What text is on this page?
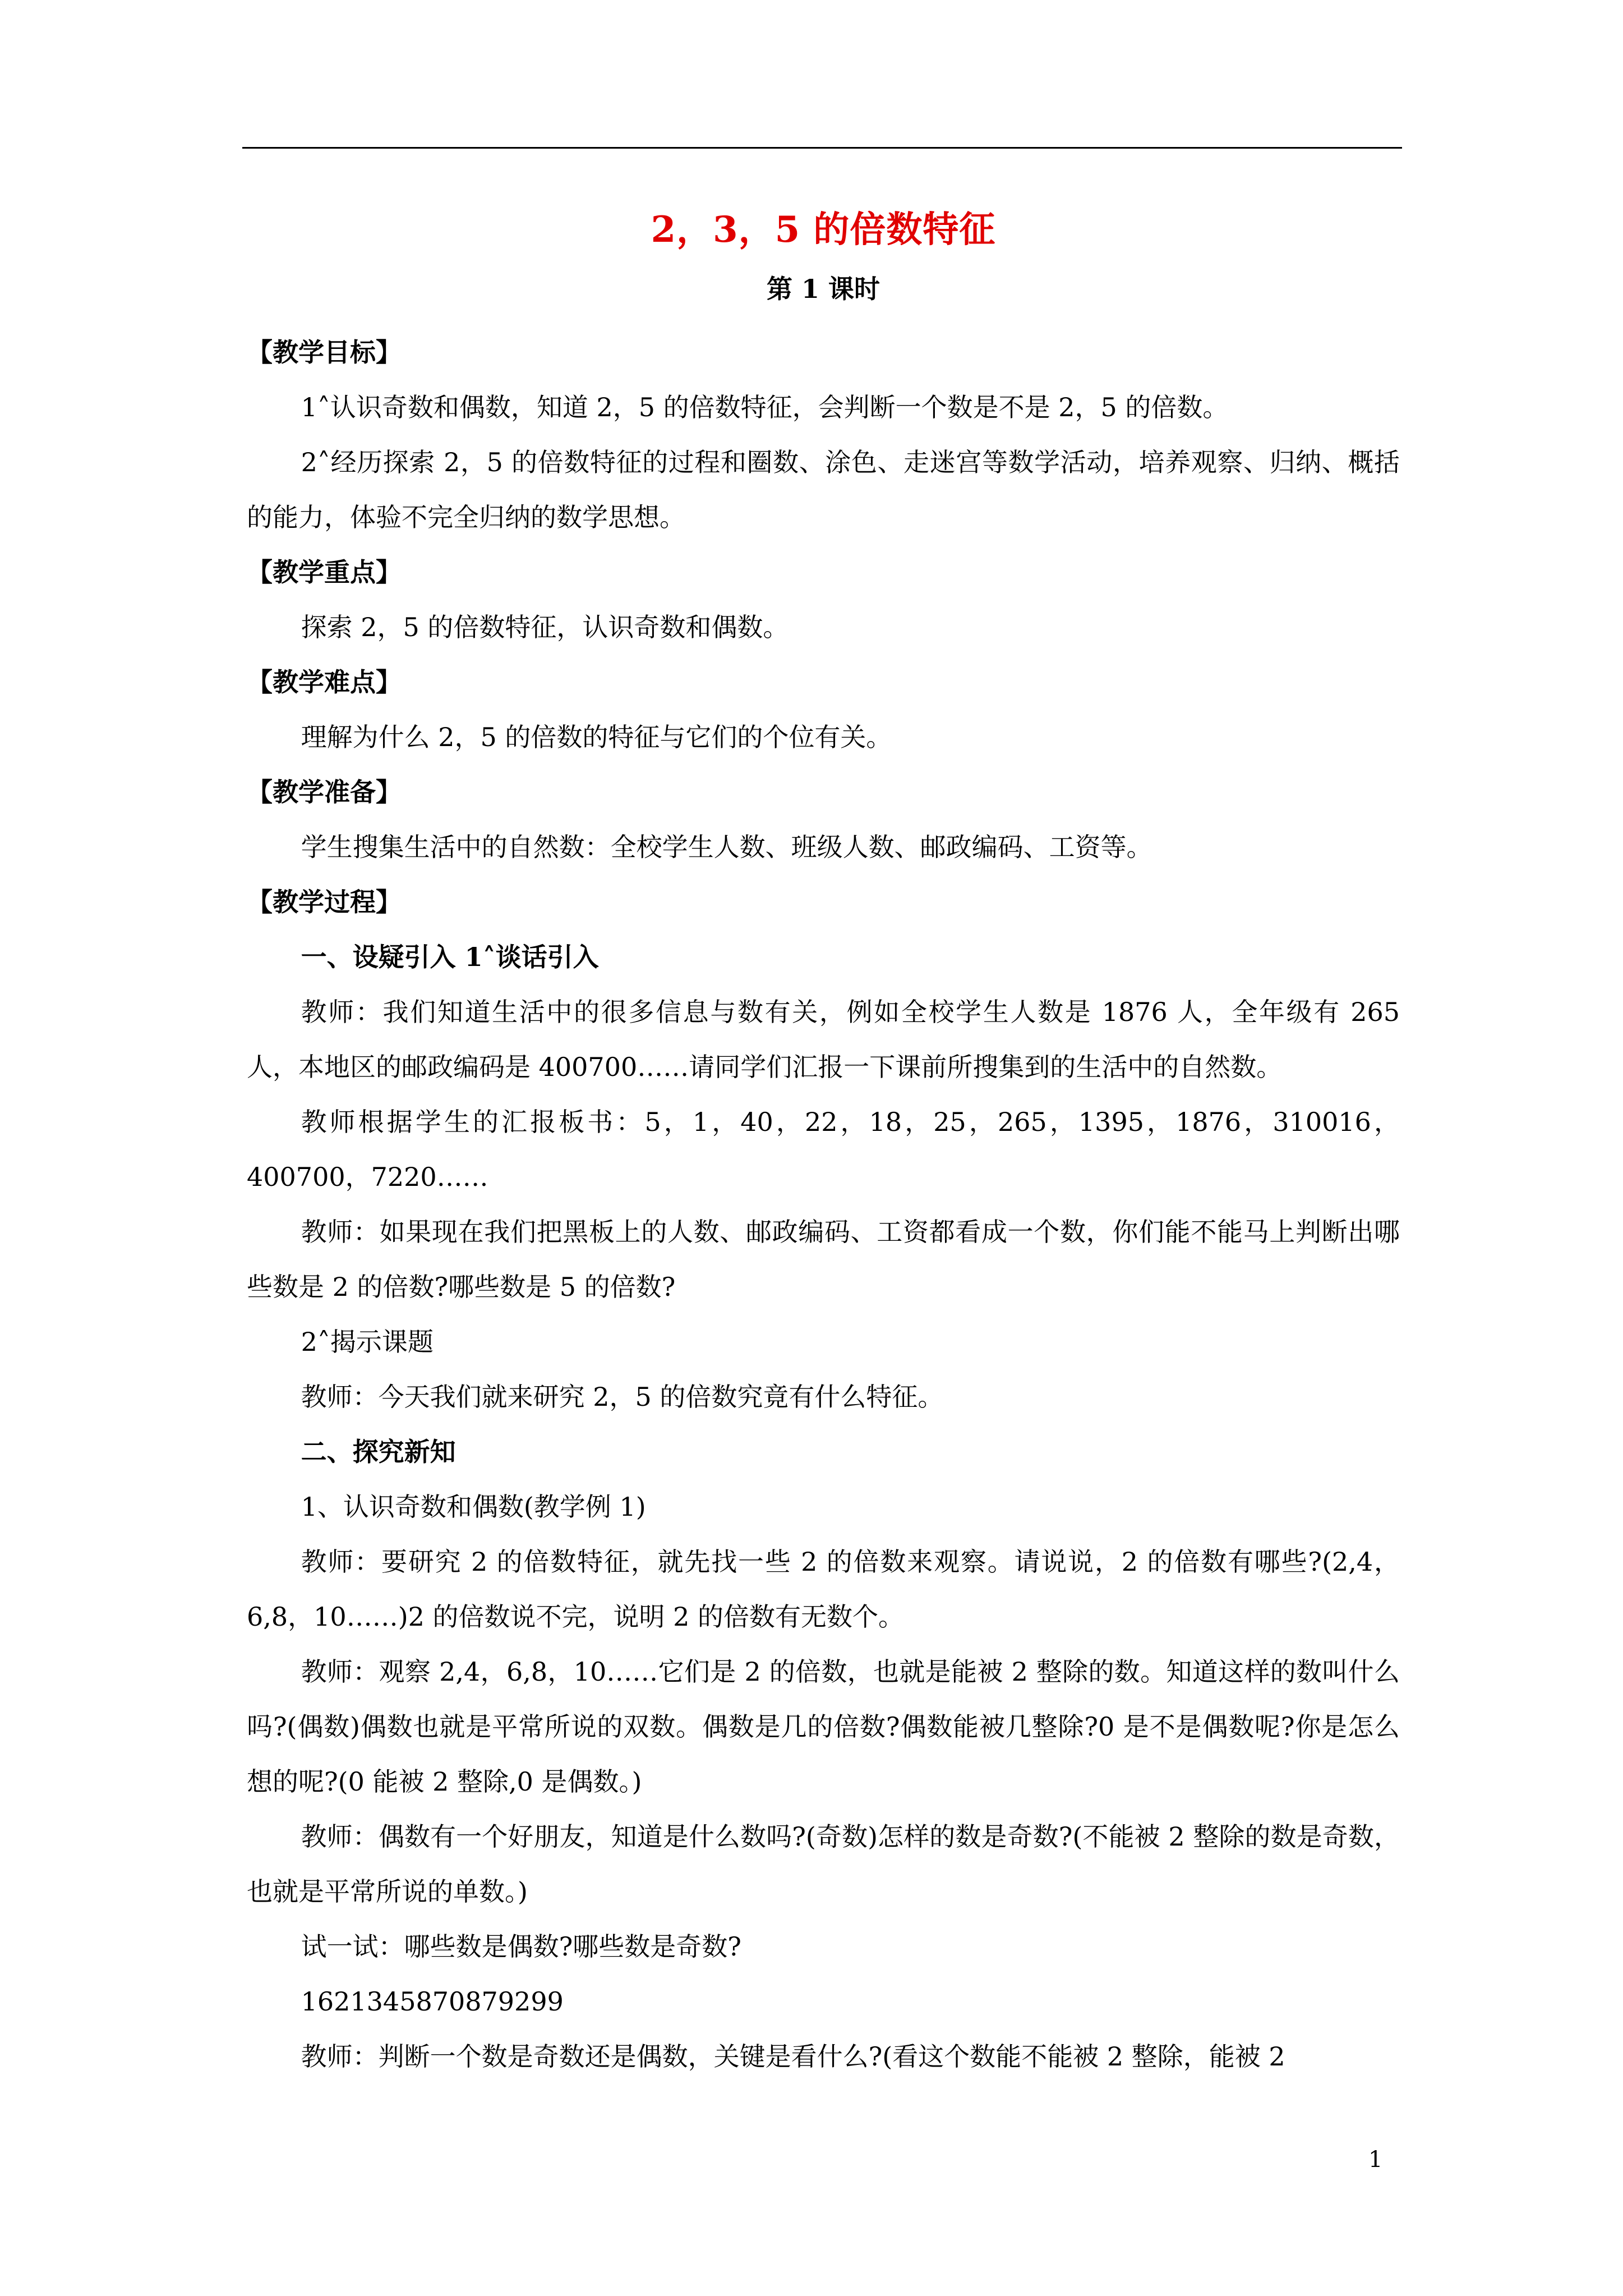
2，3，5 的倍数特征
第 1 课时
【教学目标】
1˄认识奇数和偶数，知道 2，5 的倍数特征，会判断一个数是不是 2，5 的倍数。
2˄经历探索 2，5 的倍数特征的过程和圈数、涂色、走迷宫等数学活动，培养观察、归纳、概括的能力，体验不完全归纳的数学思想。
【教学重点】
探索 2，5 的倍数特征，认识奇数和偶数。
【教学难点】
理解为什么 2，5 的倍数的特征与它们的个位有关。
【教学准备】
学生搜集生活中的自然数：全校学生人数、班级人数、邮政编码、工资等。
【教学过程】
一、设疑引入 1˄谈话引入
教师：我们知道生活中的很多信息与数有关，例如全校学生人数是 1876 人，全年级有 265 人，本地区的邮政编码是 400700……请同学们汇报一下课前所搜集到的生活中的自然数。
教师根据学生的汇报板书：5，1，40，22，18，25，265，1395，1876，310016，400700，7220……
教师：如果现在我们把黑板上的人数、邮政编码、工资都看成一个数，你们能不能马上判断出哪些数是 2 的倍数?哪些数是 5 的倍数?
2˄揭示课题
教师：今天我们就来研究 2，5 的倍数究竟有什么特征。
二、探究新知
1、认识奇数和偶数(教学例 1)
教师：要研究 2 的倍数特征，就先找一些 2 的倍数来观察。请说说，2 的倍数有哪些?(2,4，6,8，10……)2 的倍数说不完，说明 2 的倍数有无数个。
教师：观察 2,4，6,8，10……它们是 2 的倍数，也就是能被 2 整除的数。知道这样的数叫什么吗?(偶数)偶数也就是平常所说的双数。偶数是几的倍数?偶数能被几整除?0 是不是偶数呢?你是怎么想的呢?(0 能被 2 整除,0 是偶数。)
教师：偶数有一个好朋友，知道是什么数吗?(奇数)怎样的数是奇数?(不能被 2 整除的数是奇数，也就是平常所说的单数。)
试一试：哪些数是偶数?哪些数是奇数?
1621345870879299
教师：判断一个数是奇数还是偶数，关键是看什么?(看这个数能不能被 2 整除，能被 2
1
